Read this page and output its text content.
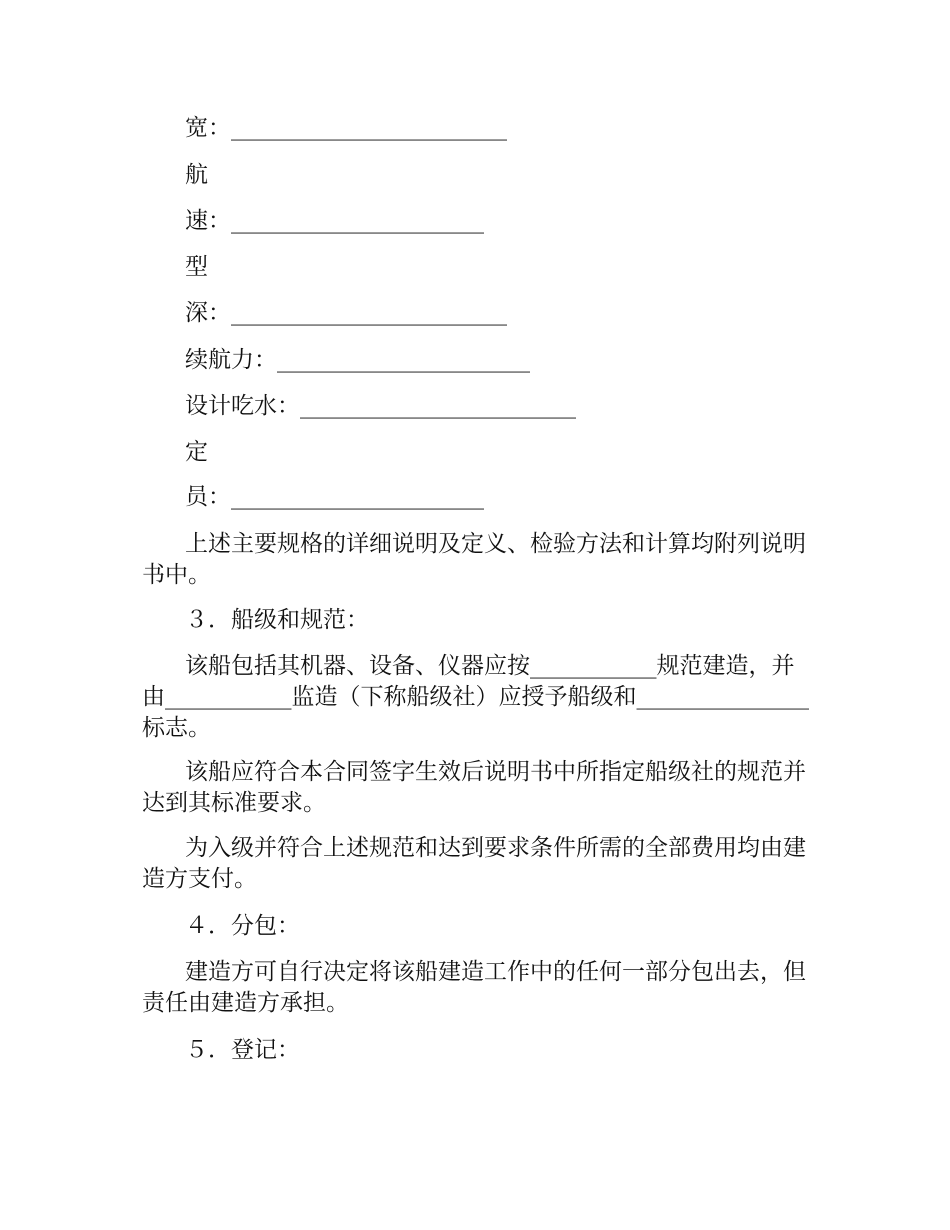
宽：________________________
航
速：______________________
型
深：________________________
续航力：______________________
设计吃水：________________________
定
员：______________________
上述主要规格的详细说明及定义、检验方法和计算均附列说明书中。
３．船级和规范：
该船包括其机器、设备、仪器应按___________规范建造，并由___________监造（下称船级社）应授予船级和_______________标志。
该船应符合本合同签字生效后说明书中所指定船级社的规范并达到其标准要求。
为入级并符合上述规范和达到要求条件所需的全部费用均由建造方支付。
４．分包：
建造方可自行决定将该船建造工作中的任何一部分包出去，但责任由建造方承担。
５．登记：
